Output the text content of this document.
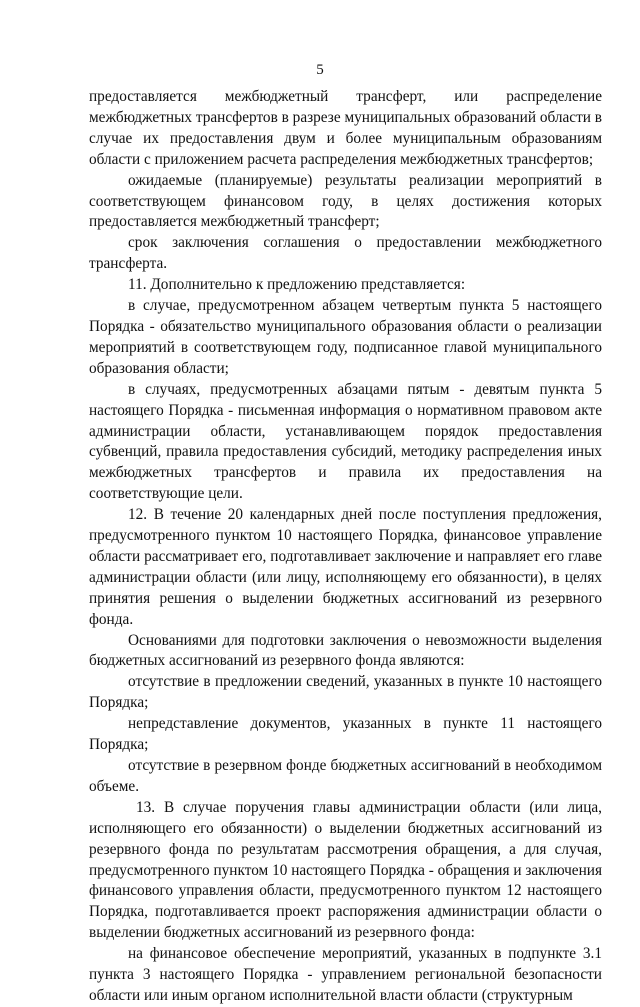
5

предоставляется межбюджетный трансферт, или распределение межбюджетных трансфертов в разрезе муниципальных образований области в случае их предоставления двум и более муниципальным образованиям области с приложением расчета распределения межбюджетных трансфертов;

ожидаемые (планируемые) результаты реализации мероприятий в соответствующем финансовом году, в целях достижения которых предоставляется межбюджетный трансферт;

срок заключения соглашения о предоставлении межбюджетного трансферта.

11. Дополнительно к предложению представляется:

в случае, предусмотренном абзацем четвертым пункта 5 настоящего Порядка - обязательство муниципального образования области о реализации мероприятий в соответствующем году, подписанное главой муниципального образования области;

в случаях, предусмотренных абзацами пятым - девятым пункта 5 настоящего Порядка - письменная информация о нормативном правовом акте администрации области, устанавливающем порядок предоставления субвенций, правила предоставления субсидий, методику распределения иных межбюджетных трансфертов и правила их предоставления на соответствующие цели.

12. В течение 20 календарных дней после поступления предложения, предусмотренного пунктом 10 настоящего Порядка, финансовое управление области рассматривает его, подготавливает заключение и направляет его главе администрации области (или лицу, исполняющему его обязанности), в целях принятия решения о выделении бюджетных ассигнований из резервного фонда.

Основаниями для подготовки заключения о невозможности выделения бюджетных ассигнований из резервного фонда являются:

отсутствие в предложении сведений, указанных в пункте 10 настоящего Порядка;

непредставление документов, указанных в пункте 11 настоящего Порядка;

отсутствие в резервном фонде бюджетных ассигнований в необходимом объеме.

13. В случае поручения главы администрации области (или лица, исполняющего его обязанности) о выделении бюджетных ассигнований из резервного фонда по результатам рассмотрения обращения, а для случая, предусмотренного пунктом 10 настоящего Порядка - обращения и заключения финансового управления области, предусмотренного пунктом 12 настоящего Порядка, подготавливается проект распоряжения администрации области о выделении бюджетных ассигнований из резервного фонда:

на финансовое обеспечение мероприятий, указанных в подпункте 3.1 пункта 3 настоящего Порядка - управлением региональной безопасности области или иным органом исполнительной власти области (структурным
